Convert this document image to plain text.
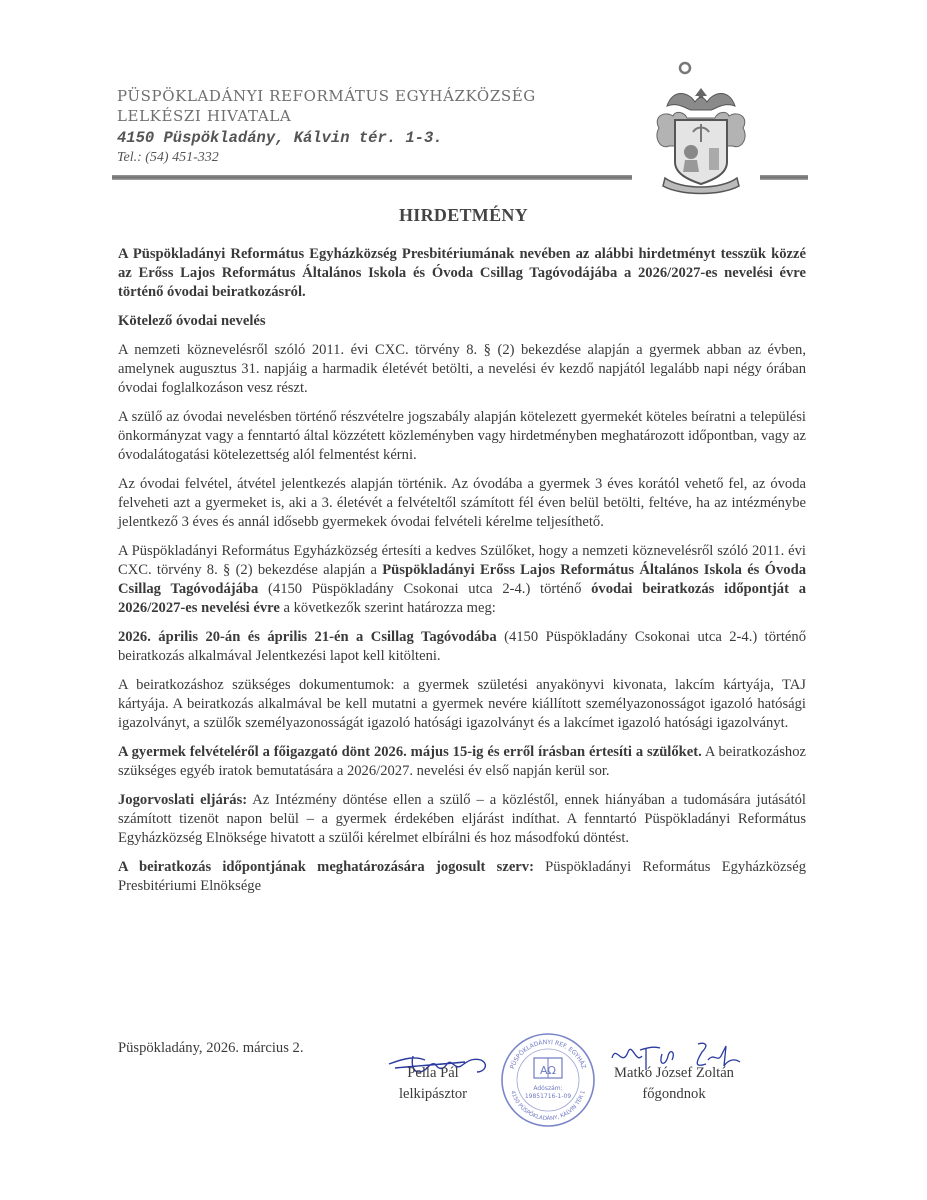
PÜSPÖKLADÁNYI REFORMÁTUS EGYHÁZKÖZSÉG
LELKÉSZI HIVATALA
4150 Püspökladány, Kálvin tér. 1-3.
Tel.: (54) 451-332
HIRDETMÉNY

A Püspökladányi Református Egyházközség Presbitériumának nevében az alábbi hirdetményt tesszük közzé az Erőss Lajos Református Általános Iskola és Óvoda Csillag Tagóvodájába a 2026/2027-es nevelési évre történő óvodai beiratkozásról.

Kötelező óvodai nevelés

A nemzeti köznevelésről szóló 2011. évi CXC. törvény 8. § (2) bekezdése alapján a gyermek abban az évben, amelynek augusztus 31. napjáig a harmadik életévét betölti, a nevelési év kezdő napjától legalább napi négy órában óvodai foglalkozáson vesz részt.

A szülő az óvodai nevelésben történő részvételre jogszabály alapján kötelezett gyermekét köteles beíratni a települési önkormányzat vagy a fenntartó által közzétett közleményben vagy hirdetményben meghatározott időpontban, vagy az óvodalátogatási kötelezettség alól felmentést kérni.

Az óvodai felvétel, átvétel jelentkezés alapján történik. Az óvodába a gyermek 3 éves korától vehető fel, az óvoda felveheti azt a gyermeket is, aki a 3. életévét a felvételtől számított fél éven belül betölti, feltéve, ha az intézménybe jelentkező 3 éves és annál idősebb gyermekek óvodai felvételi kérelme teljesíthető.

A Püspökladányi Református Egyházközség értesíti a kedves Szülőket, hogy a nemzeti köznevelésről szóló 2011. évi CXC. törvény 8. § (2) bekezdése alapján a Püspökladányi Erőss Lajos Református Általános Iskola és Óvoda Csillag Tagóvodájába (4150 Püspökladány Csokonai utca 2-4.) történő óvodai beiratkozás időpontját a 2026/2027-es nevelési évre a következők szerint határozza meg:

2026. április 20-án és április 21-én a Csillag Tagóvodába (4150 Püspökladány Csokonai utca 2-4.) történő beiratkozás alkalmával Jelentkezési lapot kell kitölteni.

A beiratkozáshoz szükséges dokumentumok: a gyermek születési anyakönyvi kivonata, lakcím kártyája, TAJ kártyája. A beiratkozás alkalmával be kell mutatni a gyermek nevére kiállított személyazonosságot igazoló hatósági igazolványt, a szülők személyazonosságát igazoló hatósági igazolványt és a lakcímet igazoló hatósági igazolványt.

A gyermek felvételéről a főigazgató dönt 2026. május 15-ig és erről írásban értesíti a szülőket. A beiratkozáshoz szükséges egyéb iratok bemutatására a 2026/2027. nevelési év első napján kerül sor.

Jogorvoslati eljárás: Az Intézmény döntése ellen a szülő – a közléstől, ennek hiányában a tudomására jutásától számított tizenöt napon belül – a gyermek érdekében eljárást indíthat. A fenntartó Püspökladányi Református Egyházközség Elnöksége hivatott a szülői kérelmet elbírálni és hoz másodfokú döntést.

A beiratkozás időpontjának meghatározására jogosult szerv: Püspökladányi Református Egyházközség Presbitériumi Elnöksége

Püspökladány, 2026. március 2.
Pella Pál
lelkipásztor
PÜSPÖKLADÁNYI REF. EGYHÁZ
4150 PÜSPÖKLADÁNY, KÁLVIN TÉR 1
AΩ
Adószám:
19851716-1-09
Matkó József Zoltán
főgondnok
